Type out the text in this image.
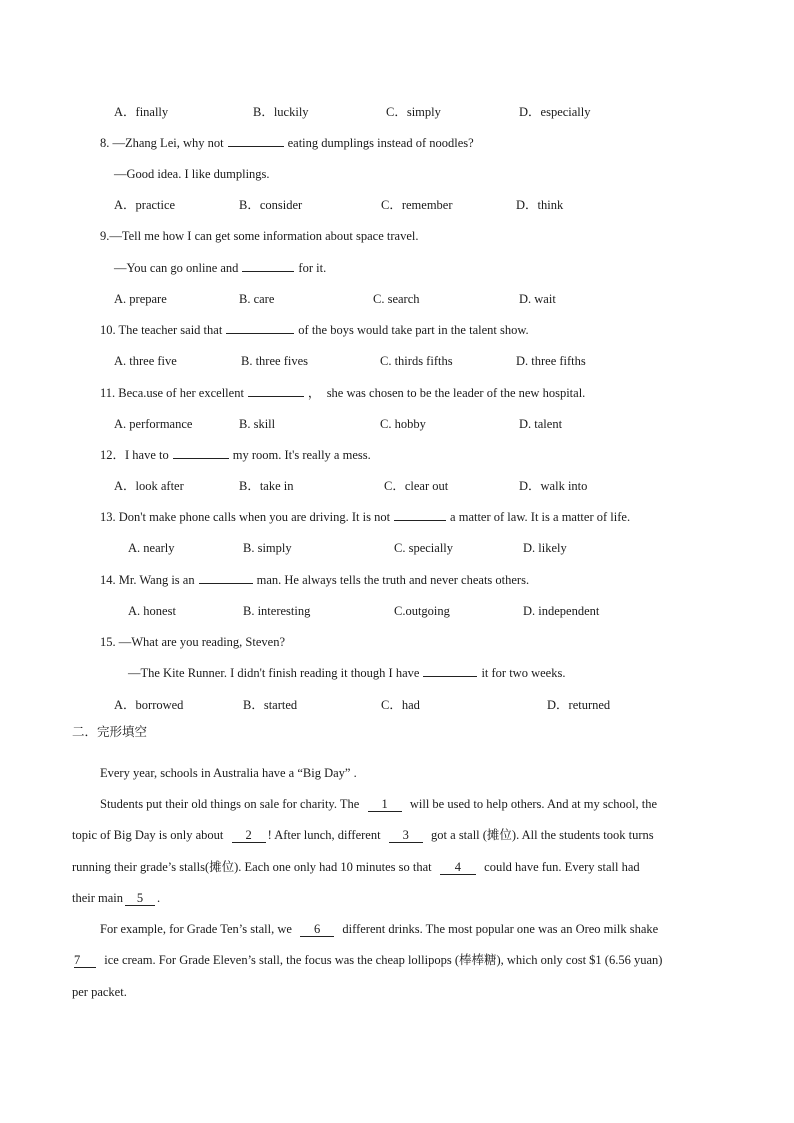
A．finally	B．luckily	C．simply	D．especially
8. —Zhang Lei, why not	eating dumplings instead of noodles?
—Good idea. I like dumplings.
A．practice	B．consider	C．remember	D．think
9.—Tell me how I can get some information about space travel.
—You can go online and	for it.
A. prepare	B. care	C. search	D. wait
10. The teacher said that	of the boys would take part in the talent show.
A. three five	B. three fives	C. thirds fifths	D. three fifths
11. Beca.use of her excellent	， she was chosen to be the leader of the new hospital.
A. performance	B. skill	C. hobby	D. talent
12．I have to	my room. It's really a mess.
A．look after	B．take in	C．clear out	D．walk into
13. Don't make phone calls when you are driving. It is not	a matter of law. It is a matter of life.
A. nearly	B. simply	C. specially	D. likely
14. Mr. Wang is an	man. He always tells the truth and never cheats others.
A. honest	B. interesting	C.outgoing	D. independent
15. —What are you reading, Steven?
—The Kite Runner. I didn't finish reading it though I have	it for two weeks.
A．borrowed	B．started	C．had	D．returned
二．完形填空
Every year, schools in Australia have a “Big Day” .
Students put their old things on sale for charity. The 1 will be used to help others. And at my school, the
topic of Big Day is only about 2 ! After lunch, different 3 got a stall (摊位). All the students took turns
running their grade’s stalls(摊位). Each one only had 10 minutes so that 4 could have fun. Every stall had
their main 5 .
For example, for Grade Ten’s stall, we 6 different drinks. The most popular one was an Oreo milk shake
7 ice cream. For Grade Eleven’s stall, the focus was the cheap lollipops (棒棒糖), which only cost $1 (6.56 yuan)
per packet.
